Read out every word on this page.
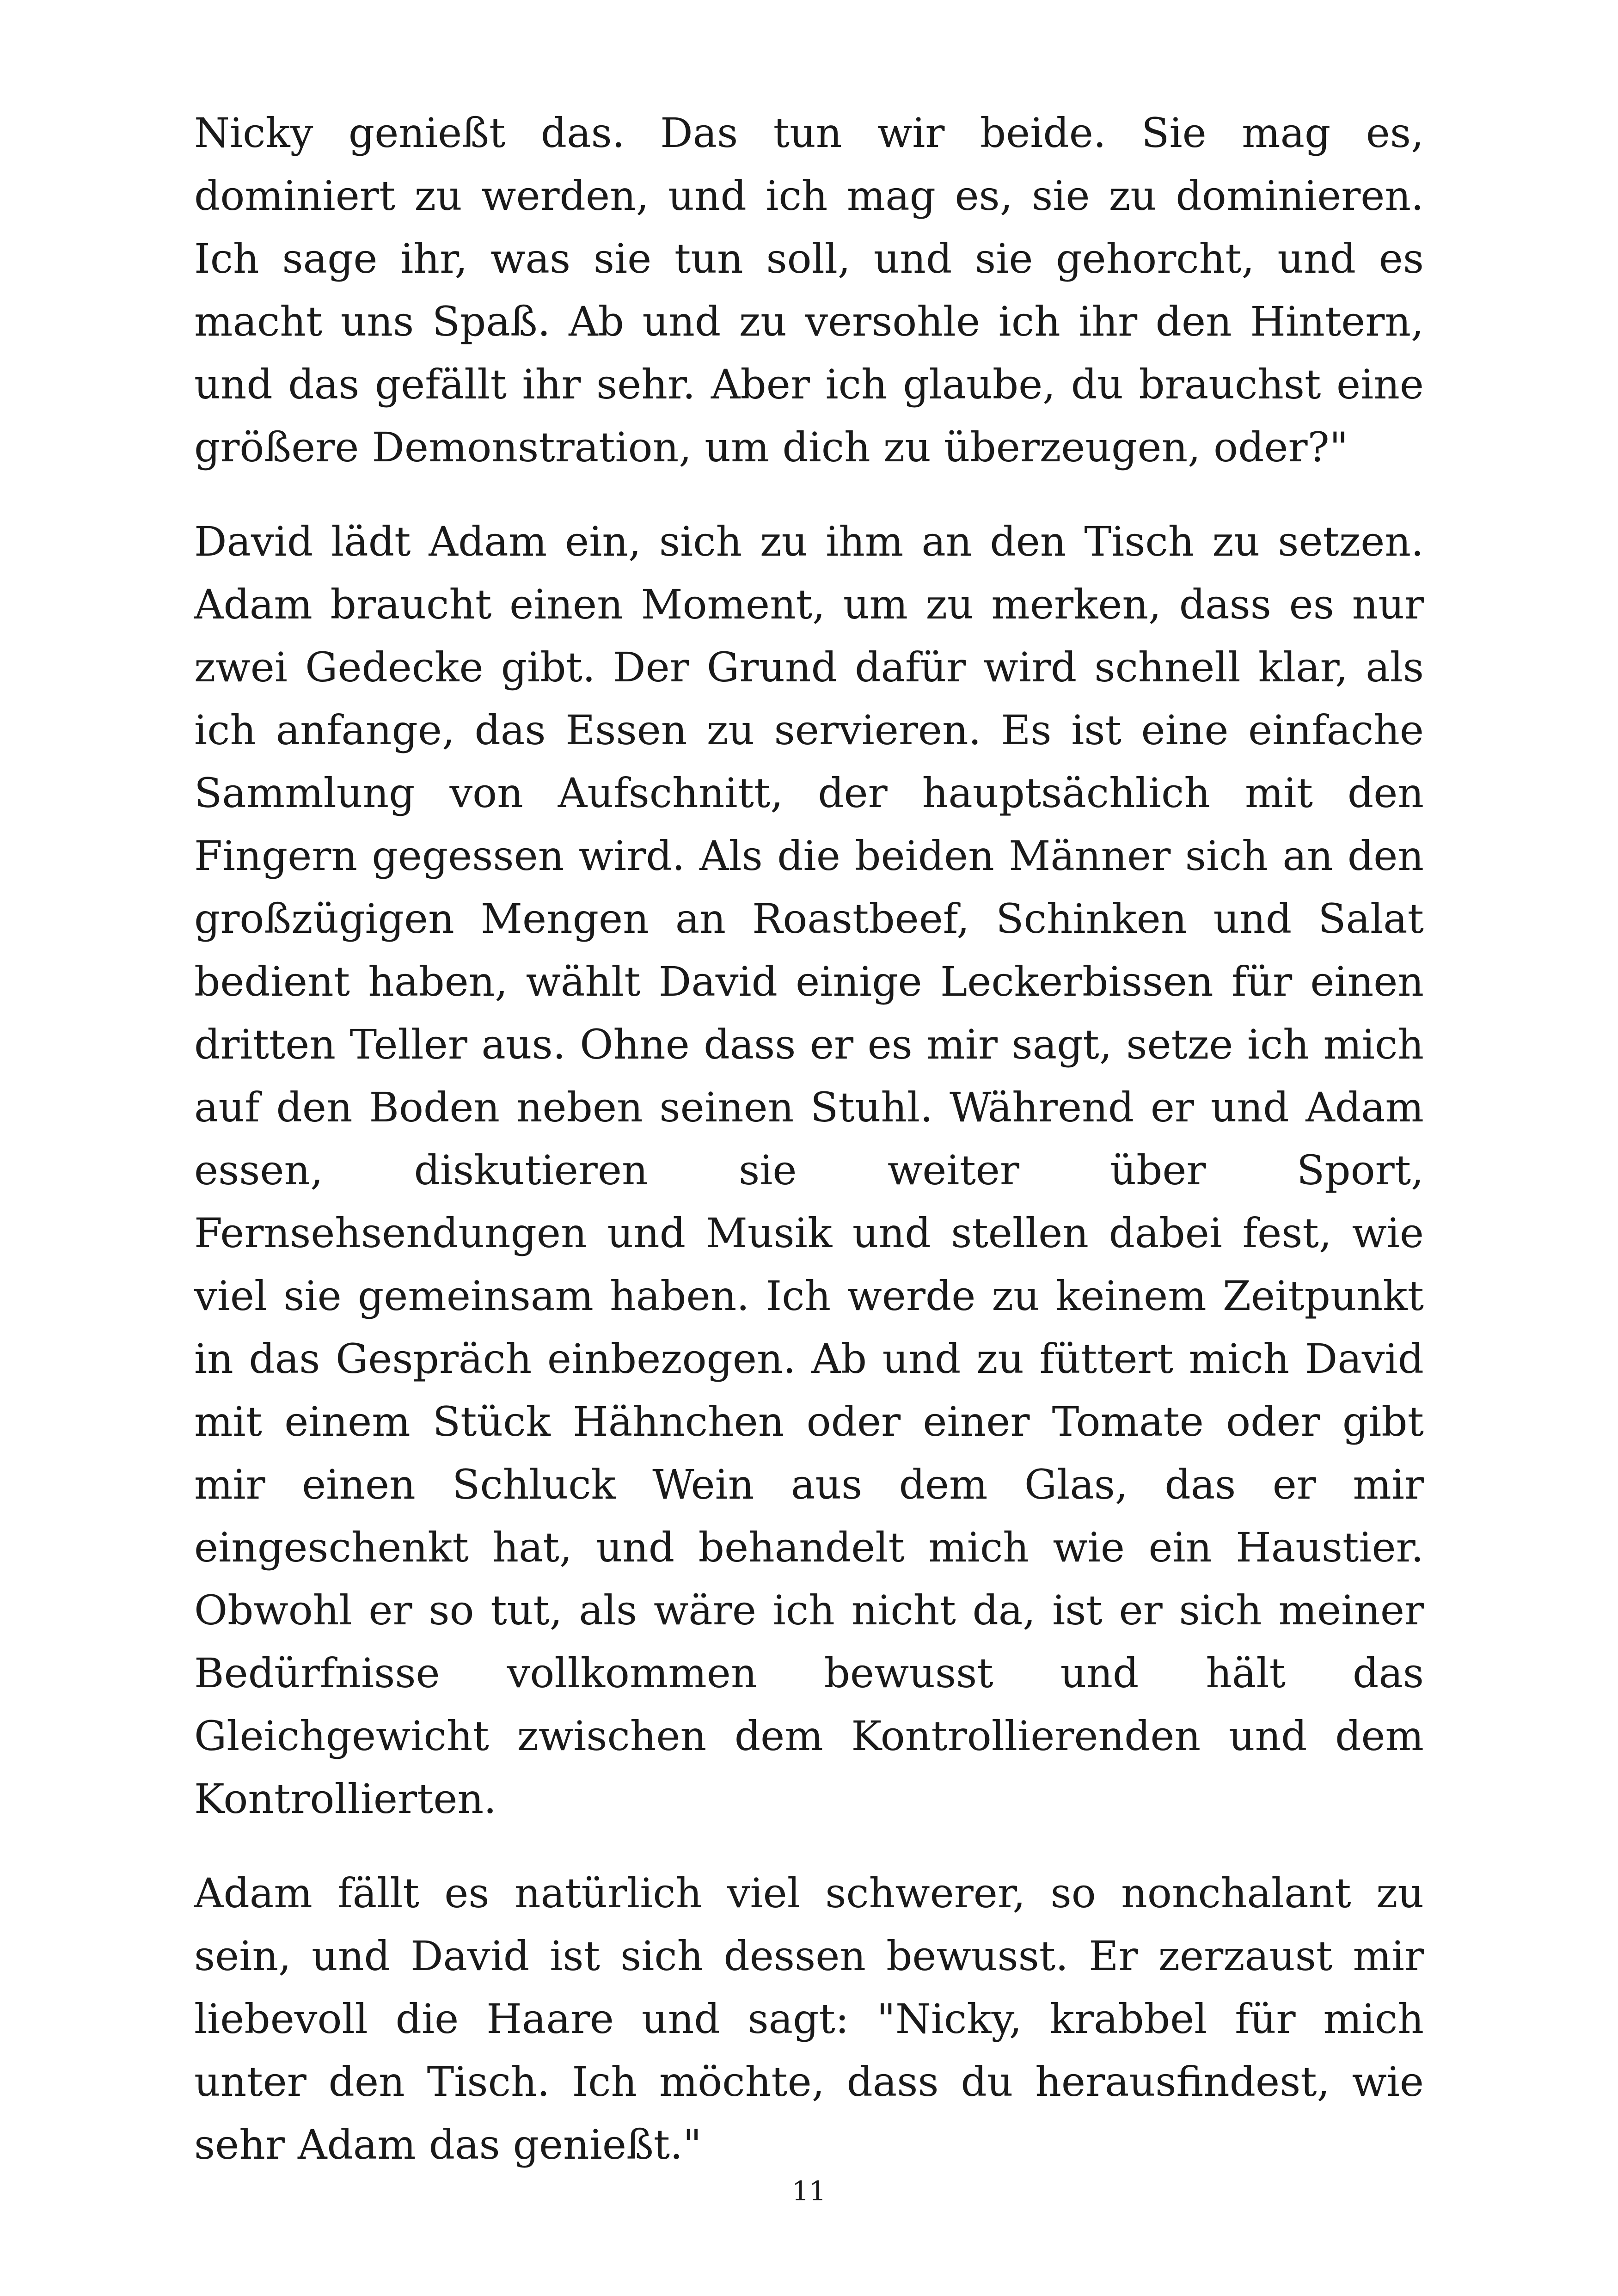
Nicky genießt das. Das tun wir beide. Sie mag es, dominiert zu werden, und ich mag es, sie zu dominieren. Ich sage ihr, was sie tun soll, und sie gehorcht, und es macht uns Spaß. Ab und zu versohle ich ihr den Hintern, und das gefällt ihr sehr. Aber ich glaube, du brauchst eine größere Demonstration, um dich zu überzeugen, oder?"

David lädt Adam ein, sich zu ihm an den Tisch zu setzen. Adam braucht einen Moment, um zu merken, dass es nur zwei Gedecke gibt. Der Grund dafür wird schnell klar, als ich anfange, das Essen zu servieren. Es ist eine einfache Sammlung von Aufschnitt, der hauptsächlich mit den Fingern gegessen wird. Als die beiden Männer sich an den großzügigen Mengen an Roastbeef, Schinken und Salat bedient haben, wählt David einige Leckerbissen für einen dritten Teller aus. Ohne dass er es mir sagt, setze ich mich auf den Boden neben seinen Stuhl. Während er und Adam essen, diskutieren sie weiter über Sport, Fernsehsendungen und Musik und stellen dabei fest, wie viel sie gemeinsam haben. Ich werde zu keinem Zeitpunkt in das Gespräch einbezogen. Ab und zu füttert mich David mit einem Stück Hähnchen oder einer Tomate oder gibt mir einen Schluck Wein aus dem Glas, das er mir eingeschenkt hat, und behandelt mich wie ein Haustier. Obwohl er so tut, als wäre ich nicht da, ist er sich meiner Bedürfnisse vollkommen bewusst und hält das Gleichgewicht zwischen dem Kontrollierenden und dem Kontrollierten.

Adam fällt es natürlich viel schwerer, so nonchalant zu sein, und David ist sich dessen bewusst. Er zerzaust mir liebevoll die Haare und sagt: "Nicky, krabbel für mich unter den Tisch. Ich möchte, dass du herausfindest, wie sehr Adam das genießt."

11
